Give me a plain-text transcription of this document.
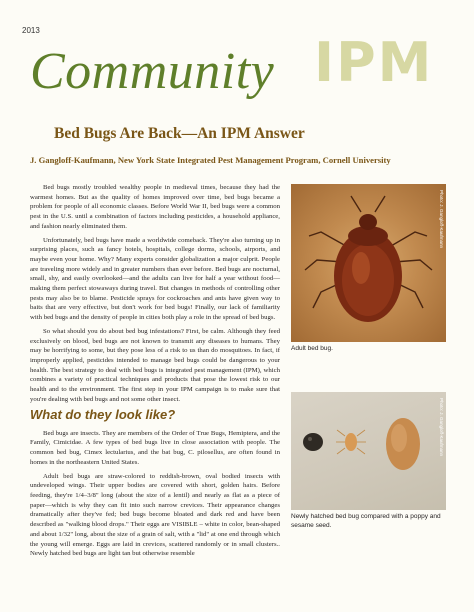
2013
IPM
Community
Bed Bugs Are Back—An IPM Answer
J. Gangloff-Kaufmann, New York State Integrated Pest Management Program, Cornell University

Bed bugs mostly troubled wealthy people in medieval times, because they had the warmest homes. But as the quality of homes improved over time, bed bugs became a problem for people of all economic classes. Before World War II, bed bugs were a common pest in the U.S. until a combination of factors including pesticides, a household appliance, and fashion nearly eliminated them.

Unfortunately, bed bugs have made a worldwide comeback. They're also turning up in surprising places, such as fancy hotels, hospitals, college dorms, schools, airports, and maybe even your home. Why? Many experts consider globalization a major culprit. People are traveling more widely and in greater numbers than ever before. Bed bugs are nocturnal, small, shy, and easily overlooked—and the adults can live for half a year without food—making them perfect stowaways during travel. But changes in methods of controlling other pests may also be to blame. Pesticide sprays for cockroaches and ants have given way to baits that are very effective, but don't work for bed bugs! Finally, our lack of familiarity with bed bugs and the density of people in cities both play a role in the spread of bed bugs.

So what should you do about bed bug infestations? First, be calm. Although they feed exclusively on blood, bed bugs are not known to transmit any diseases to humans. They may be horrifying to some, but they pose less of a risk to us than do mosquitoes. In fact, if improperly applied, pesticides intended to manage bed bugs could be dangerous to your health. The best strategy to deal with bed bugs is integrated pest management (IPM), which combines a variety of practical techniques and products that pose the lowest risk to our health and to the environment. The first step in your IPM campaign is to make sure that you're dealing with bed bugs and not some other insect.

What do they look like?

Bed bugs are insects. They are members of the Order of True Bugs, Hemiptera, and the Family, Cimicidae. A few types of bed bugs live in close association with people. The common bed bug, Cimex lectularius, and the bat bug, C. pilosellus, are often found in homes in the northeastern United States.

Adult bed bugs are straw-colored to reddish-brown, oval bodied insects with undeveloped wings. Their upper bodies are covered with short, golden hairs. Before feeding, they're 1/4–3/8" long (about the size of a lentil) and nearly as flat as a piece of paper—which is why they can fit into such narrow crevices. Their appearance changes dramatically after they've fed; bed bugs become bloated and dark red and have been described as "walking blood drops." Their eggs are VISIBLE – white in color, bean-shaped and about 1/32" long, about the size of a grain of salt, with a "lid" at one end through which the young will emerge. Eggs are laid in crevices, scattered randomly or in small clusters.. Newly hatched bed bugs are light tan but otherwise resemble

Photo: J. Gangloff-Kaufmann
Adult bed bug.
Photo: J. Gangloff-Kaufmann
Newly hatched bed bug compared with a poppy and sesame seed.
